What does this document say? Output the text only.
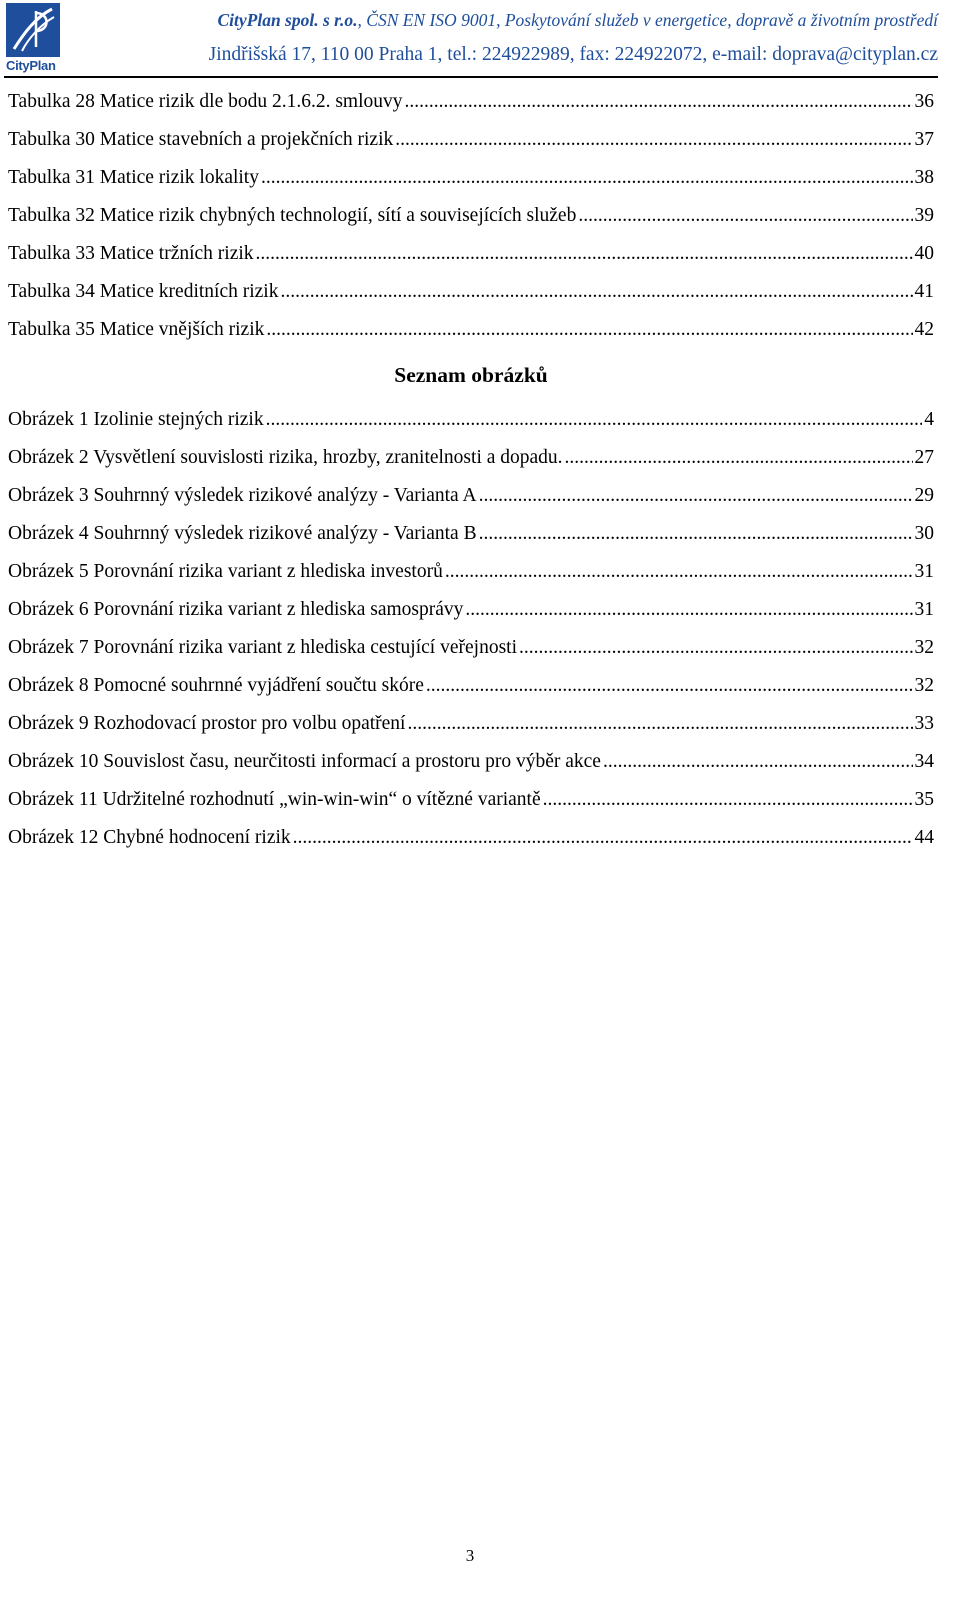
CityPlan
CityPlan spol. s r.o., ČSN EN ISO 9001, Poskytování služeb v energetice, dopravě a životním prostředí
Jindřišská 17, 110 00 Praha 1, tel.: 224922989, fax: 224922072, e-mail: doprava@cityplan.cz
Tabulka 28 Matice rizik dle bodu 2.1.6.2. smlouvy .....	36
Tabulka 30 Matice stavebních a projekčních rizik .....	37
Tabulka 31 Matice rizik lokality .....	38
Tabulka 32 Matice rizik chybných technologií, sítí a souvisejících služeb .....	39
Tabulka 33 Matice tržních rizik .....	40
Tabulka 34 Matice kreditních rizik .....	41
Tabulka 35 Matice vnějších rizik .....	42
Seznam obrázků
Obrázek 1 Izolinie stejných rizik .....	4
Obrázek 2 Vysvětlení souvislosti rizika, hrozby, zranitelnosti a dopadu. .....	27
Obrázek 3 Souhrnný výsledek rizikové analýzy - Varianta A .....	29
Obrázek 4 Souhrnný výsledek rizikové analýzy - Varianta B .....	30
Obrázek 5 Porovnání rizika variant z hlediska investorů .....	31
Obrázek 6 Porovnání rizika variant z hlediska samosprávy .....	31
Obrázek 7 Porovnání rizika variant z hlediska cestující veřejnosti .....	32
Obrázek 8 Pomocné souhrnné vyjádření součtu skóre .....	32
Obrázek 9 Rozhodovací prostor pro volbu opatření .....	33
Obrázek 10 Souvislost času, neurčitosti informací a prostoru pro výběr akce .....	34
Obrázek 11 Udržitelné rozhodnutí „win-win-win“ o vítězné variantě .....	35
Obrázek 12 Chybné hodnocení rizik .....	44
3
